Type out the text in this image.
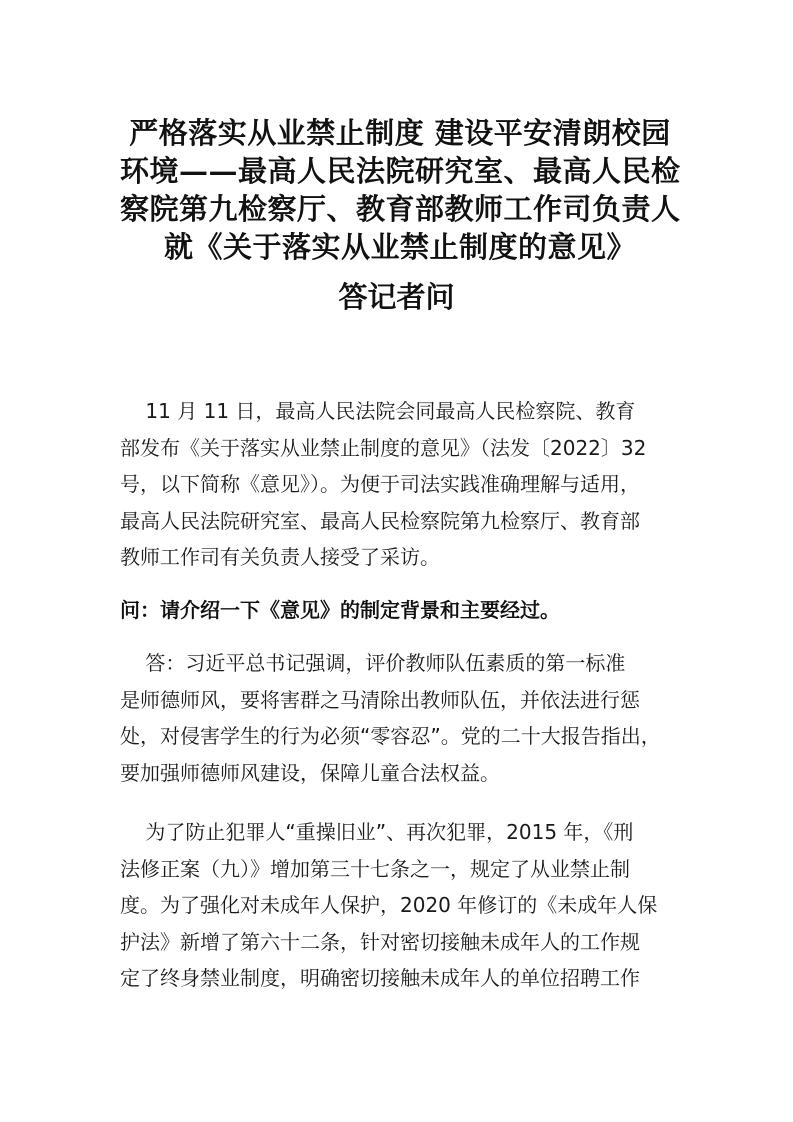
严格落实从业禁止制度 建设平安清朗校园
环境——最高人民法院研究室、最高人民检
察院第九检察厅、教育部教师工作司负责人
就《关于落实从业禁止制度的意见》
答记者问
11 月 11 日，最高人民法院会同最高人民检察院、教育
部发布《关于落实从业禁止制度的意见》（法发〔2022〕32
号，以下简称《意见》）。为便于司法实践准确理解与适用，
最高人民法院研究室、最高人民检察院第九检察厅、教育部
教师工作司有关负责人接受了采访。
问：请介绍一下《意见》的制定背景和主要经过。
答：习近平总书记强调，评价教师队伍素质的第一标准
是师德师风，要将害群之马清除出教师队伍，并依法进行惩
处，对侵害学生的行为必须“零容忍”。党的二十大报告指出，
要加强师德师风建设，保障儿童合法权益。
为了防止犯罪人“重操旧业”、再次犯罪，2015 年，《刑
法修正案（九）》增加第三十七条之一，规定了从业禁止制
度。为了强化对未成年人保护，2020 年修订的《未成年人保
护法》新增了第六十二条，针对密切接触未成年人的工作规
定了终身禁业制度，明确密切接触未成年人的单位招聘工作
